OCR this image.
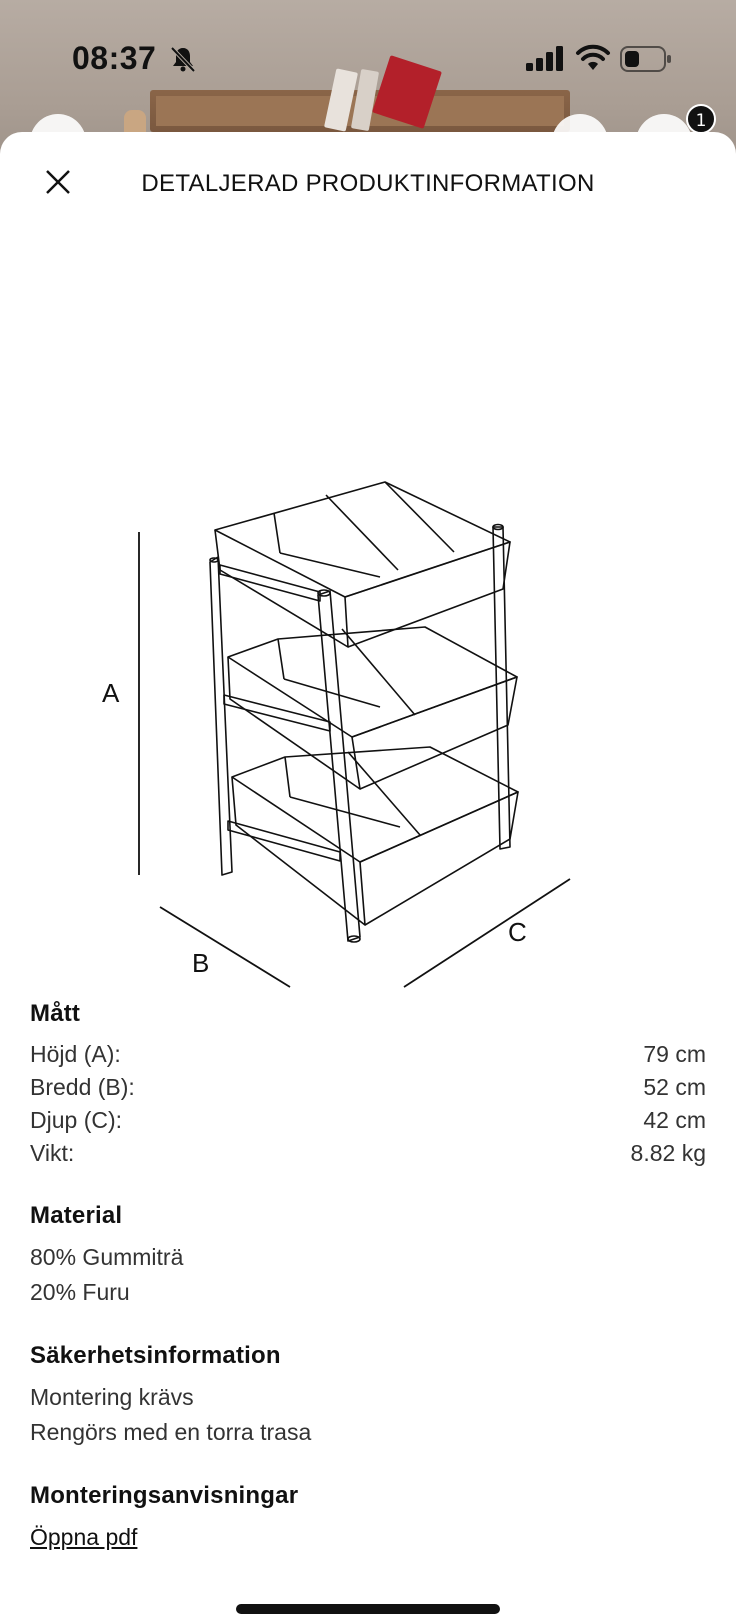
1
08:37
DETALJERAD PRODUKTINFORMATION
A
B
C
Mått
Höjd (A):	79 cm
Bredd (B):	52 cm
Djup (C):	42 cm
Vikt:	8.82 kg
Material
80% Gummiträ
20% Furu
Säkerhetsinformation
Montering krävs
Rengörs med en torra trasa
Monteringsanvisningar
Öppna pdf
